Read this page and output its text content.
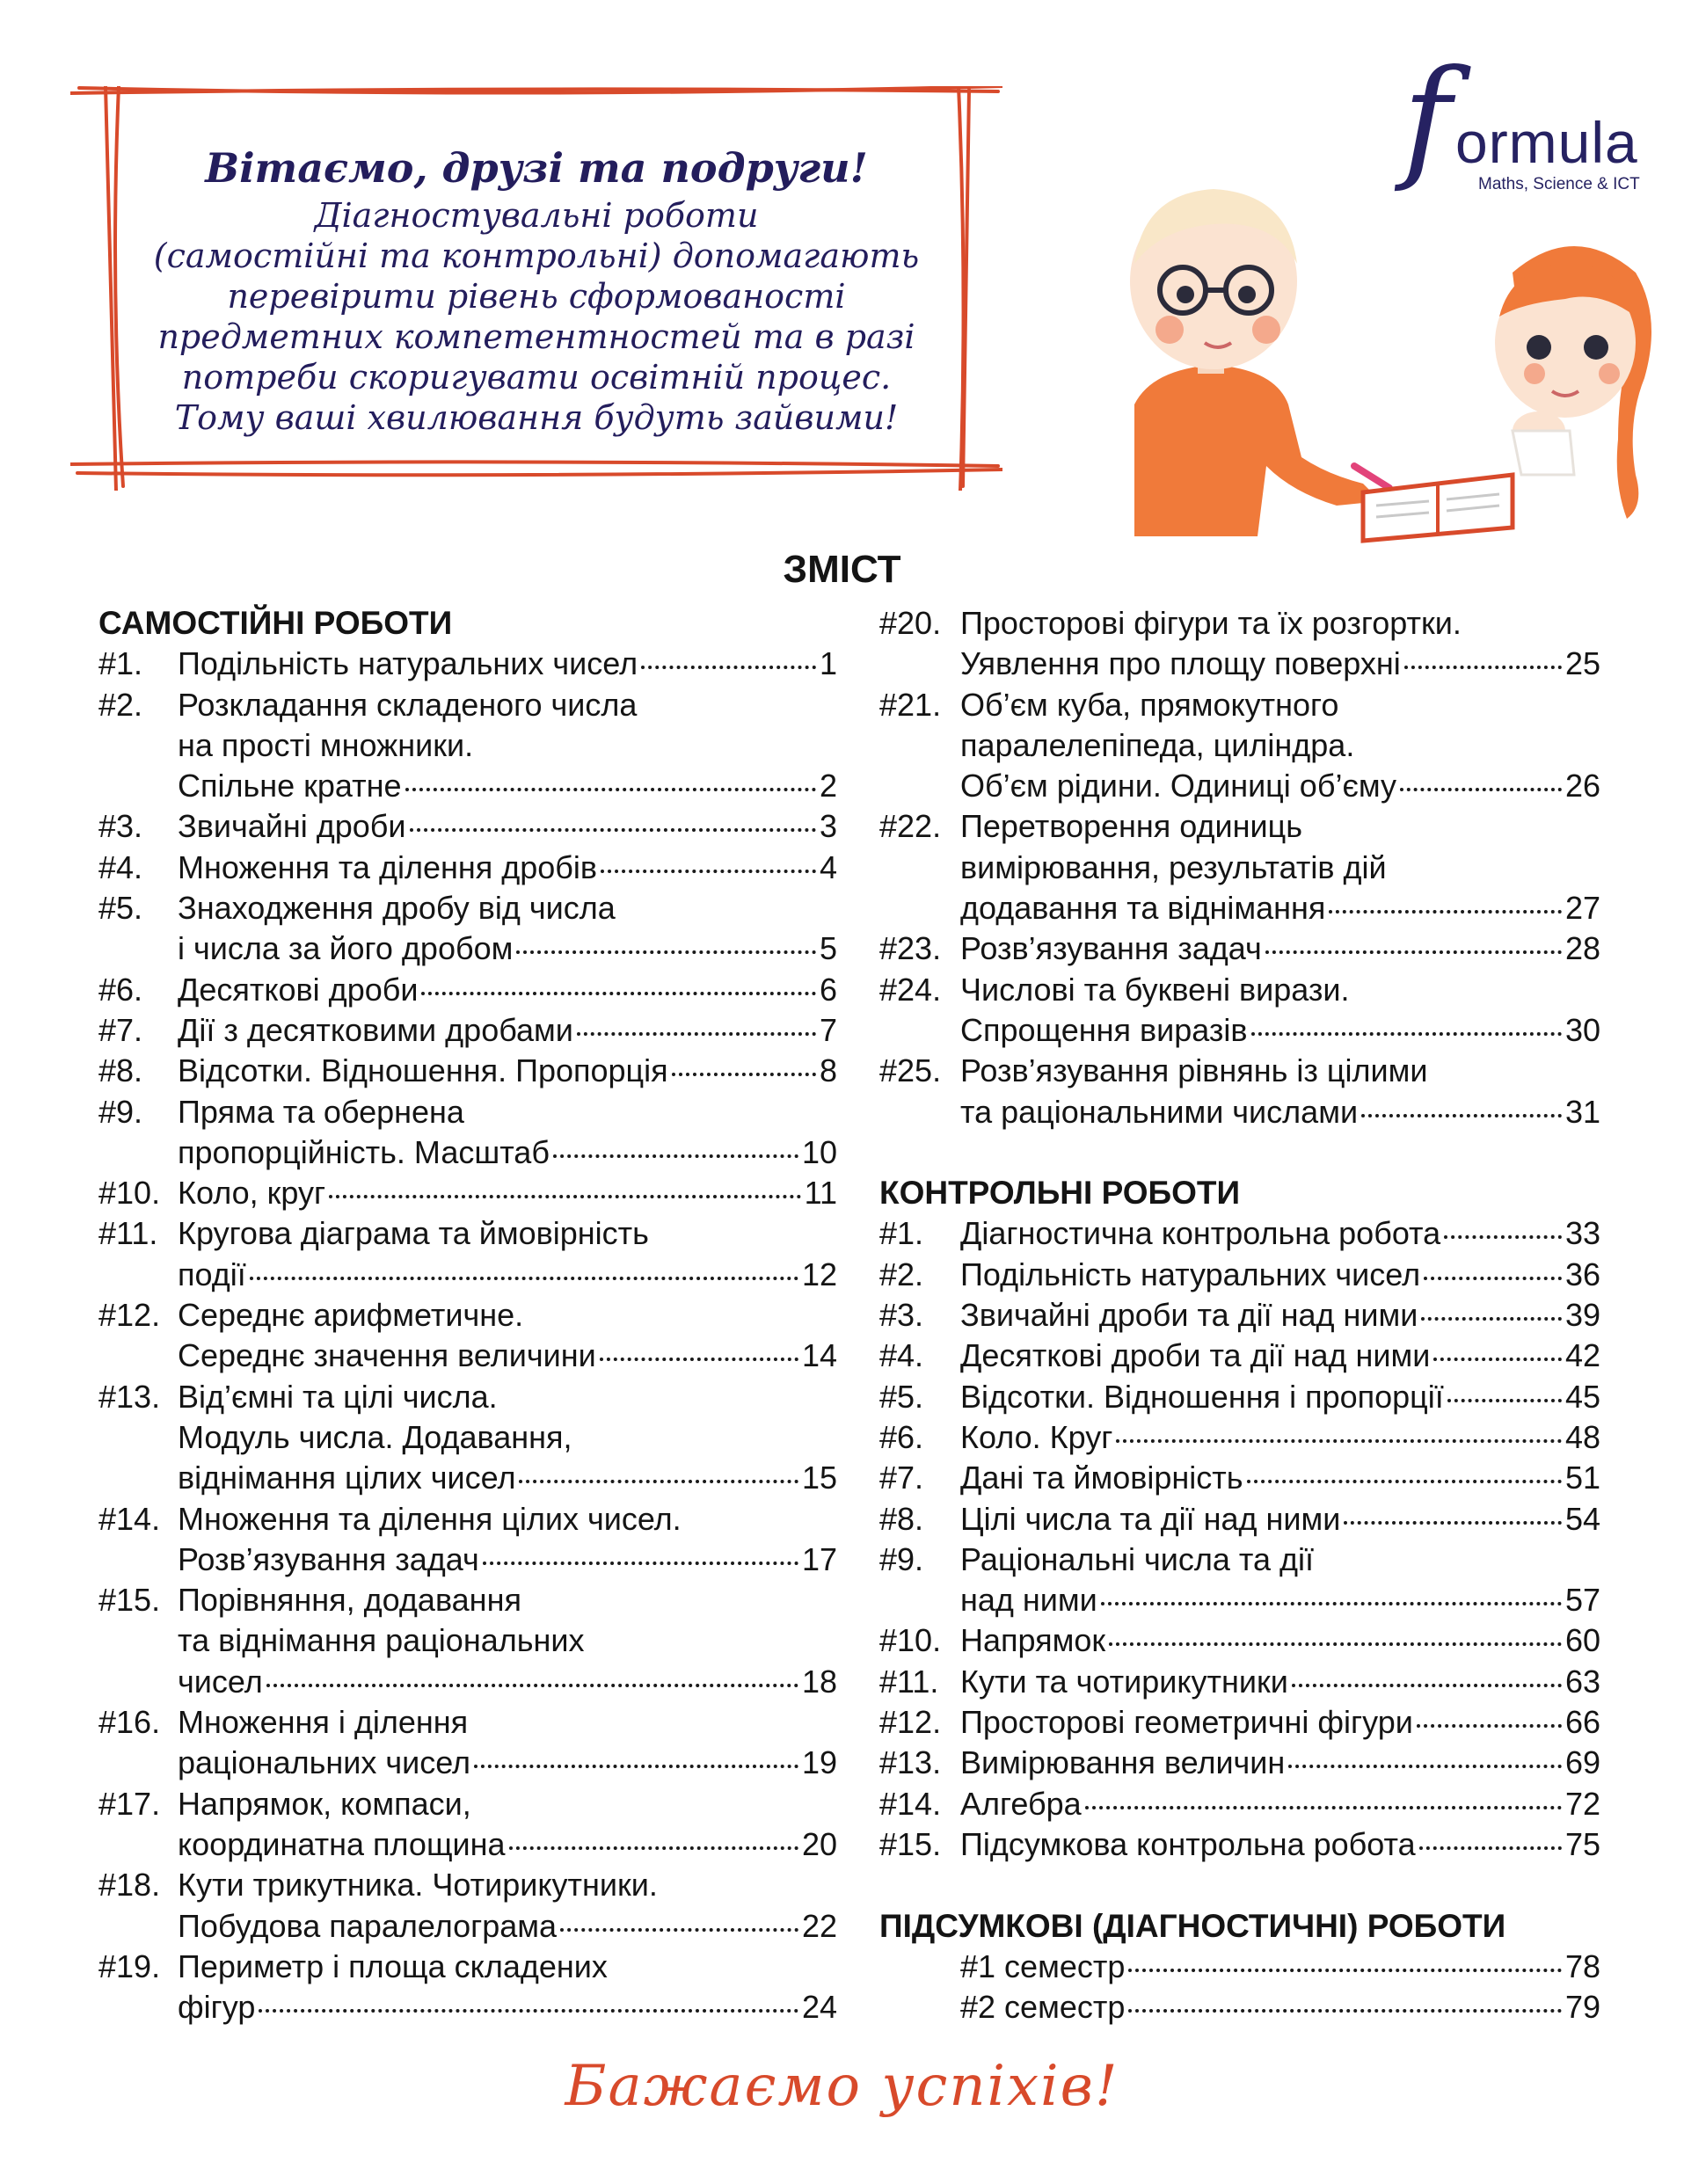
Вітаємо, друзі та подруги!
Діагностувальні роботи
(самостійні та контрольні) допомагають
перевірити рівень сформованості
предметних компетентностей та в разі
потреби скоригувати освітній процес.
Тому ваші хвилювання будуть зайвими!
f ormula
Maths, Science & ICT
ЗМІСТ
САМОСТІЙНІ РОБОТИ
#1.	Подільність натуральних чисел	1
#2.	Розкладання складеного числа
на прості множники.
Спільне кратне	2
#3.	Звичайні дроби	3
#4.	Множення та ділення дробів	4
#5.	Знаходження дробу від числа
і числа за його дробом	5
#6.	Десяткові дроби	6
#7.	Дії з десятковими дробами	7
#8.	Відсотки. Відношення. Пропорція	8
#9.	Пряма та обернена
пропорційність. Масштаб	10
#10. Коло, круг	11
#11. Кругова діаграма та ймовірність
події	12
#12. Середнє арифметичне.
Середнє значення величини	14
#13. Від’ємні та цілі числа.
Модуль числа. Додавання,
віднімання цілих чисел	15
#14. Множення та ділення цілих чисел.
Розв’язування задач	17
#15. Порівняння, додавання
та віднімання раціональних
чисел	18
#16. Множення і ділення
раціональних чисел	19
#17. Напрямок, компаси,
координатна площина	20
#18. Кути трикутника. Чотирикутники.
Побудова паралелограма	22
#19. Периметр і площа складених
фігур	24
#20. Просторові фігури та їх розгортки.
Уявлення про площу поверхні	25
#21. Об’єм куба, прямокутного
паралелепіпеда, циліндра.
Об’єм рідини. Одиниці об’єму	26
#22. Перетворення одиниць
вимірювання, результатів дій
додавання та віднімання	27
#23. Розв’язування задач	28
#24. Числові та буквені вирази.
Спрощення виразів	30
#25. Розв’язування рівнянь із цілими
та раціональними числами	31
КОНТРОЛЬНІ РОБОТИ
#1.	Діагностична контрольна робота	33
#2.	Подільність натуральних чисел	36
#3.	Звичайні дроби та дії над ними	39
#4.	Десяткові дроби та дії над ними	42
#5.	Відсотки. Відношення і пропорції	45
#6.	Коло. Круг	48
#7.	Дані та ймовірність	51
#8.	Цілі числа та дії над ними	54
#9.	Раціональні числа та дії
над ними	57
#10. Напрямок	60
#11. Кути та чотирикутники	63
#12. Просторові геометричні фігури	66
#13. Вимірювання величин	69
#14. Алгебра	72
#15. Підсумкова контрольна робота	75
ПІДСУМКОВІ (ДІАГНОСТИЧНІ) РОБОТИ
#1 семестр	78
#2 семестр	79
Бажаємо успіхів!
